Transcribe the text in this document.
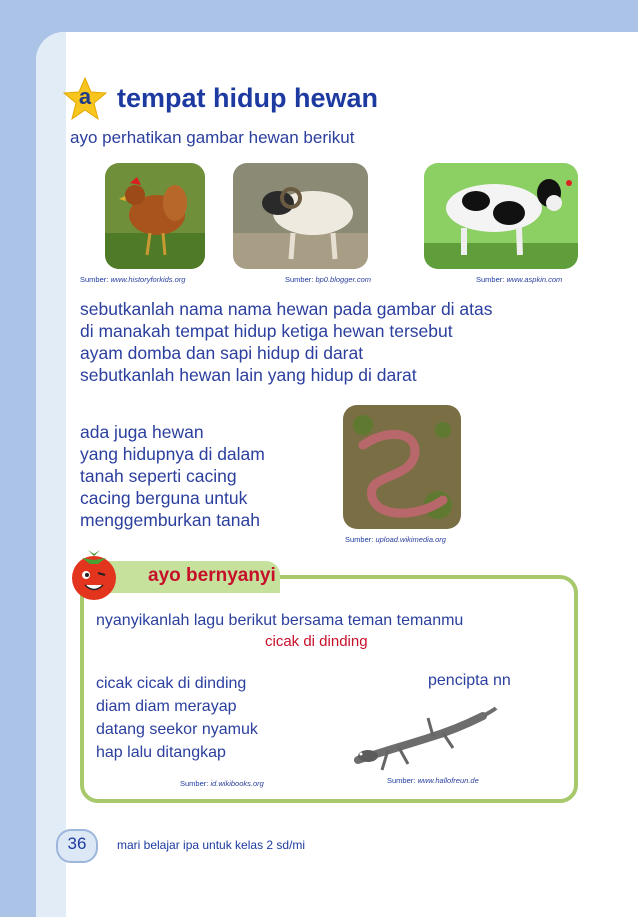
a tempat hidup hewan
ayo perhatikan gambar hewan berikut
Sumber: www.historyforkids.org	Sumber: bp0.blogger.com	Sumber: www.aspkin.com
sebutkanlah nama nama hewan pada gambar di atas
di manakah tempat hidup ketiga hewan tersebut
ayam domba dan sapi hidup di darat
sebutkanlah hewan lain yang hidup di darat
ada juga hewan
yang hidupnya di dalam
tanah seperti cacing
cacing berguna untuk
menggemburkan tanah
Sumber: upload.wikimedia.org
ayo bernyanyi
nyanyikanlah lagu berikut bersama teman temanmu
cicak di dinding
cicak cicak di dinding
diam diam merayap
datang seekor nyamuk
hap lalu ditangkap
pencipta nn
Sumber: id.wikibooks.org	Sumber: www.hallofreun.de
36	mari belajar ipa untuk kelas 2 sd/mi
